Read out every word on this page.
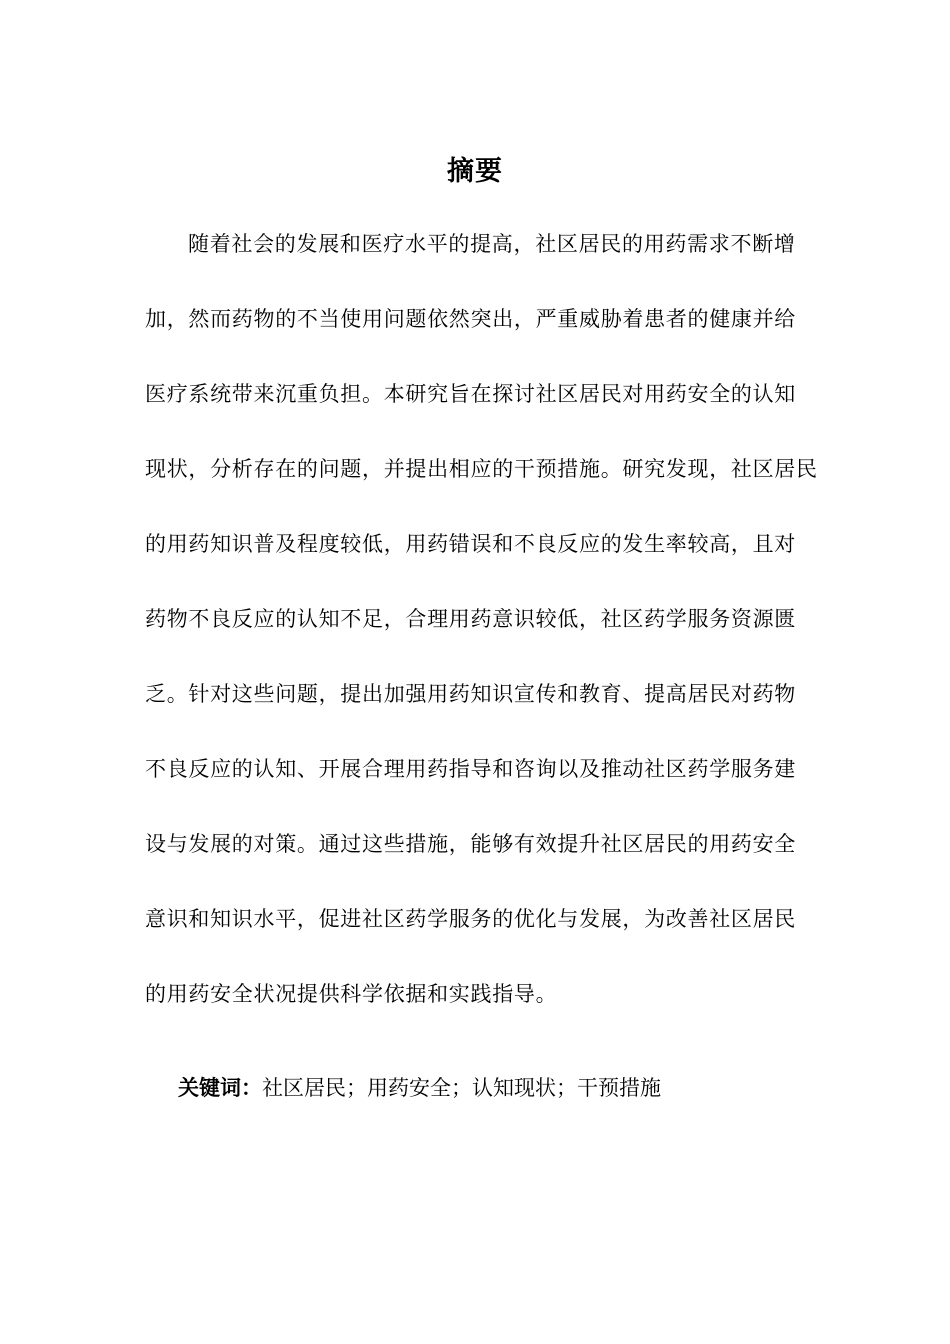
摘要
随着社会的发展和医疗水平的提高，社区居民的用药需求不断增
加，然而药物的不当使用问题依然突出，严重威胁着患者的健康并给
医疗系统带来沉重负担。本研究旨在探讨社区居民对用药安全的认知
现状，分析存在的问题，并提出相应的干预措施。研究发现，社区居民
的用药知识普及程度较低，用药错误和不良反应的发生率较高，且对
药物不良反应的认知不足，合理用药意识较低，社区药学服务资源匮
乏。针对这些问题，提出加强用药知识宣传和教育、提高居民对药物
不良反应的认知、开展合理用药指导和咨询以及推动社区药学服务建
设与发展的对策。通过这些措施，能够有效提升社区居民的用药安全
意识和知识水平，促进社区药学服务的优化与发展，为改善社区居民
的用药安全状况提供科学依据和实践指导。
关键词：社区居民；用药安全；认知现状；干预措施
